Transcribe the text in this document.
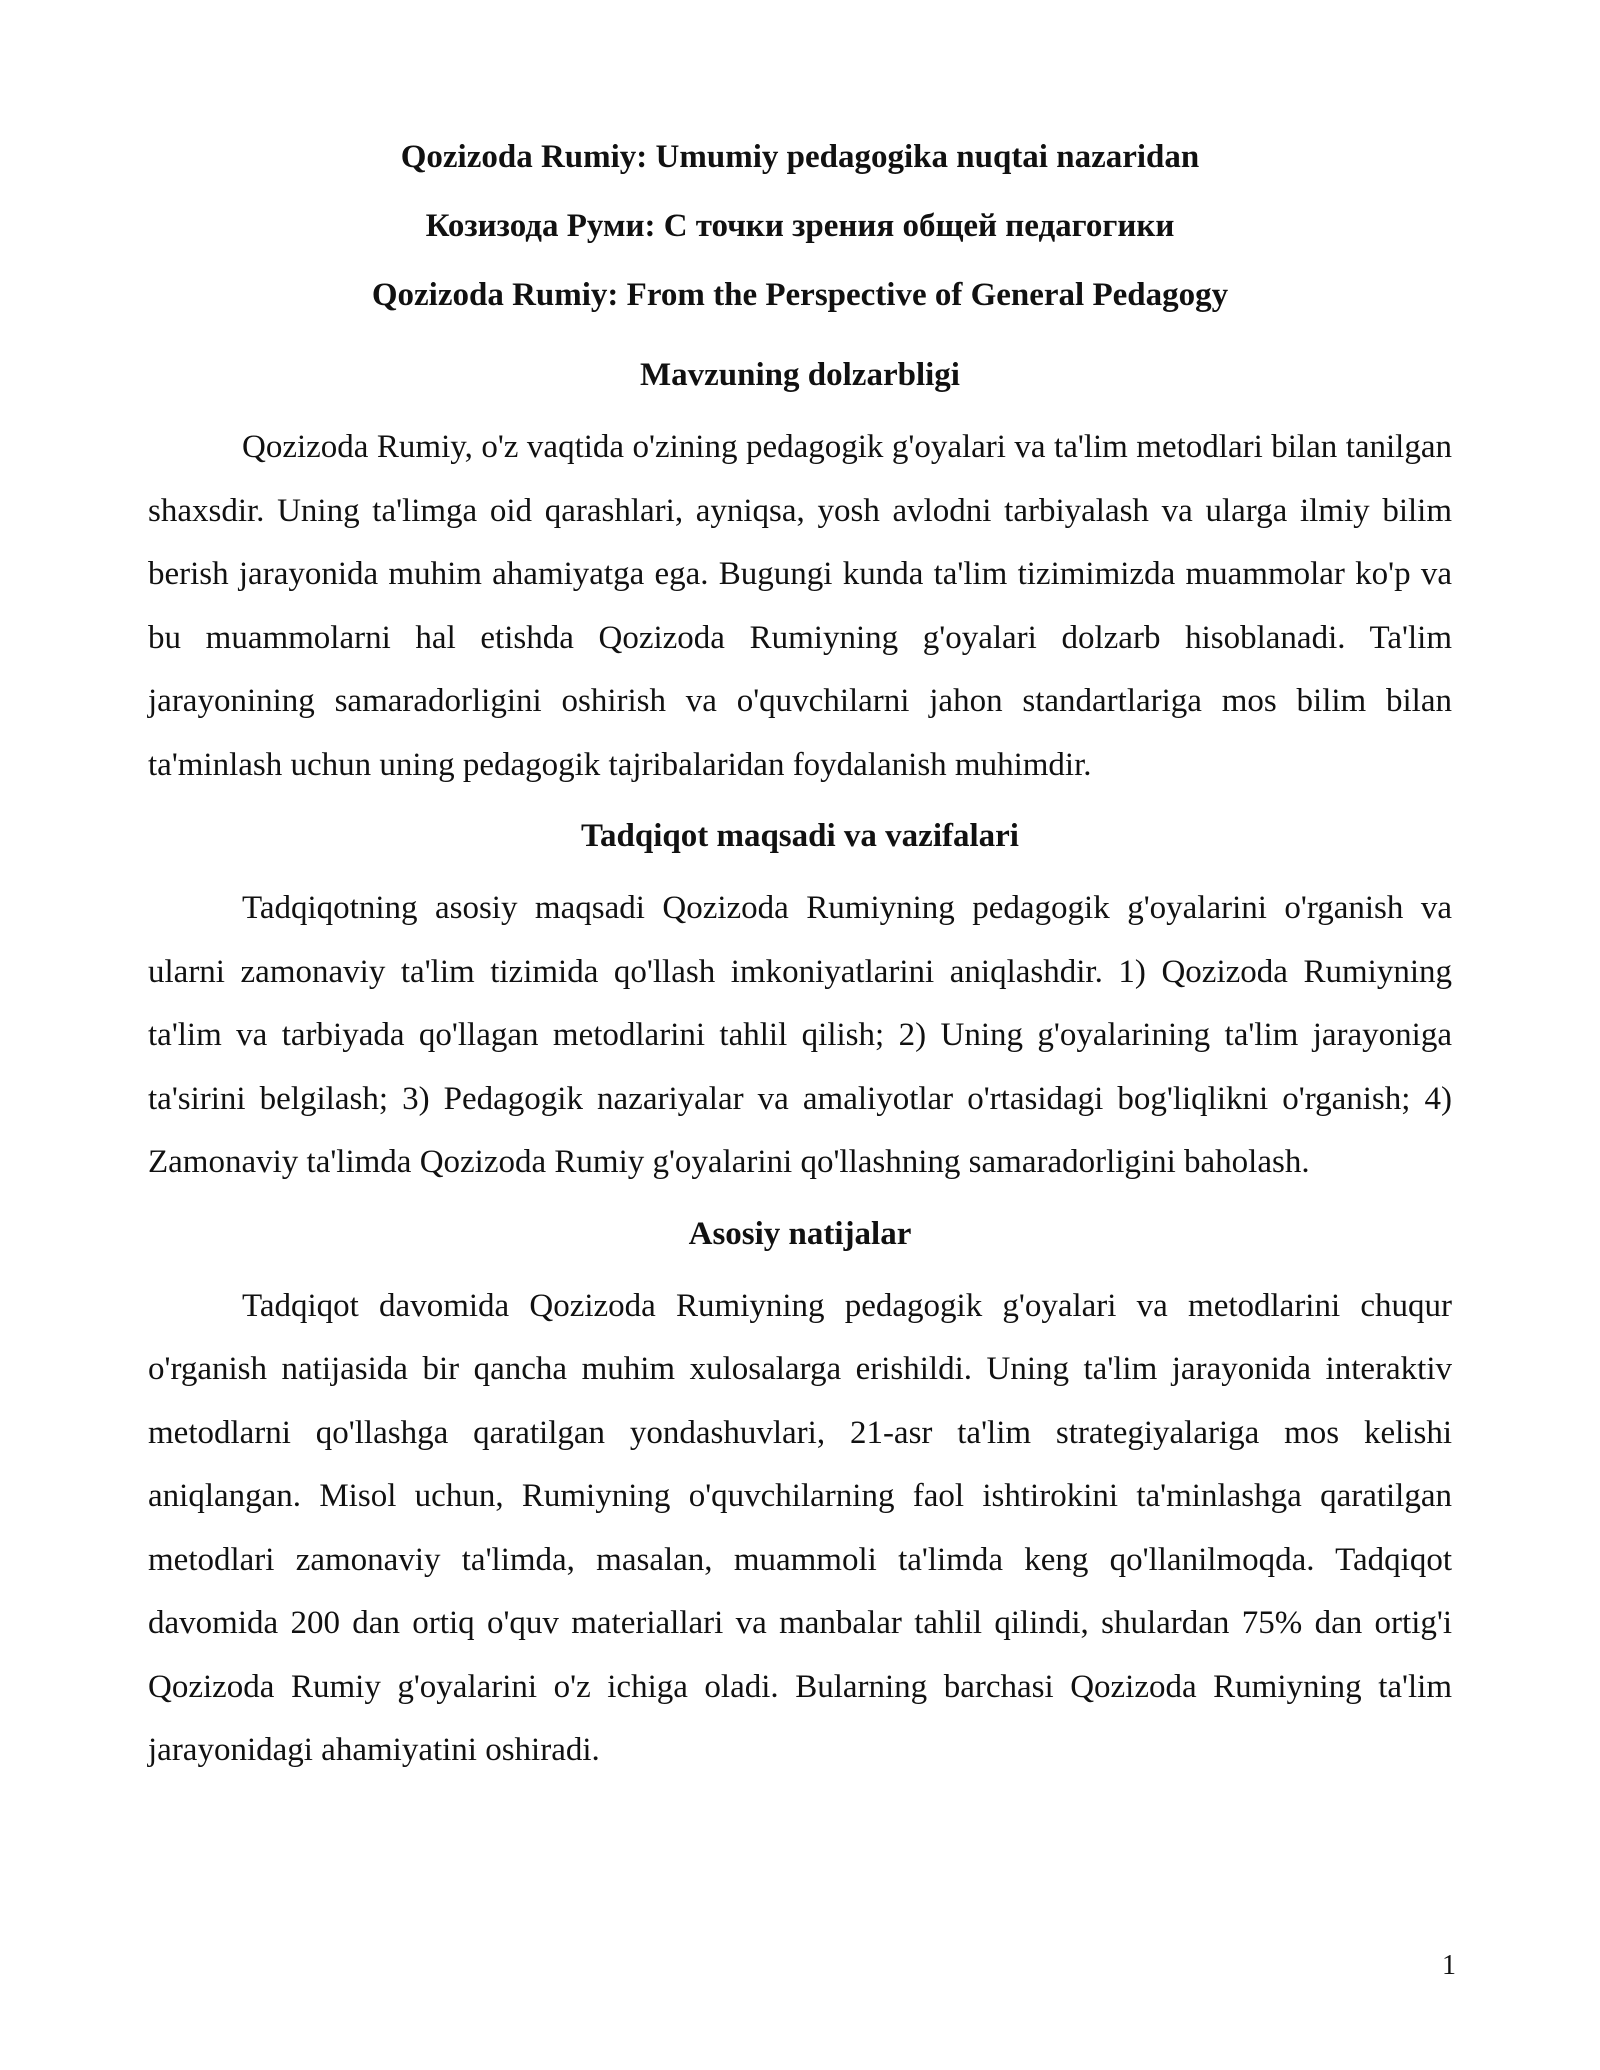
Qozizoda Rumiy: Umumiy pedagogika nuqtai nazaridan
Козизода Руми: С точки зрения общей педагогики
Qozizoda Rumiy: From the Perspective of General Pedagogy
Mavzuning dolzarbligi

Qozizoda Rumiy, o'z vaqtida o'zining pedagogik g'oyalari va ta'lim metodlari bilan tanilgan shaxsdir. Uning ta'limga oid qarashlari, ayniqsa, yosh avlodni tarbiyalash va ularga ilmiy bilim berish jarayonida muhim ahamiyatga ega. Bugungi kunda ta'lim tizimimizda muammolar ko'p va bu muammolarni hal etishda Qozizoda Rumiyning g'oyalari dolzarb hisoblanadi. Ta'lim jarayonining samaradorligini oshirish va o'quvchilarni jahon standartlariga mos bilim bilan ta'minlash uchun uning pedagogik tajribalaridan foydalanish muhimdir.

Tadqiqot maqsadi va vazifalari

Tadqiqotning asosiy maqsadi Qozizoda Rumiyning pedagogik g'oyalarini o'rganish va ularni zamonaviy ta'lim tizimida qo'llash imkoniyatlarini aniqlashdir. 1) Qozizoda Rumiyning ta'lim va tarbiyada qo'llagan metodlarini tahlil qilish; 2) Uning g'oyalarining ta'lim jarayoniga ta'sirini belgilash; 3) Pedagogik nazariyalar va amaliyotlar o'rtasidagi bog'liqlikni o'rganish; 4) Zamonaviy ta'limda Qozizoda Rumiy g'oyalarini qo'llashning samaradorligini baholash.

Asosiy natijalar

Tadqiqot davomida Qozizoda Rumiyning pedagogik g'oyalari va metodlarini chuqur o'rganish natijasida bir qancha muhim xulosalarga erishildi. Uning ta'lim jarayonida interaktiv metodlarni qo'llashga qaratilgan yondashuvlari, 21-asr ta'lim strategiyalariga mos kelishi aniqlangan. Misol uchun, Rumiyning o'quvchilarning faol ishtirokini ta'minlashga qaratilgan metodlari zamonaviy ta'limda, masalan, muammoli ta'limda keng qo'llanilmoqda. Tadqiqot davomida 200 dan ortiq o'quv materiallari va manbalar tahlil qilindi, shulardan 75% dan ortig'i Qozizoda Rumiy g'oyalarini o'z ichiga oladi. Bularning barchasi Qozizoda Rumiyning ta'lim jarayonidagi ahamiyatini oshiradi.

1
